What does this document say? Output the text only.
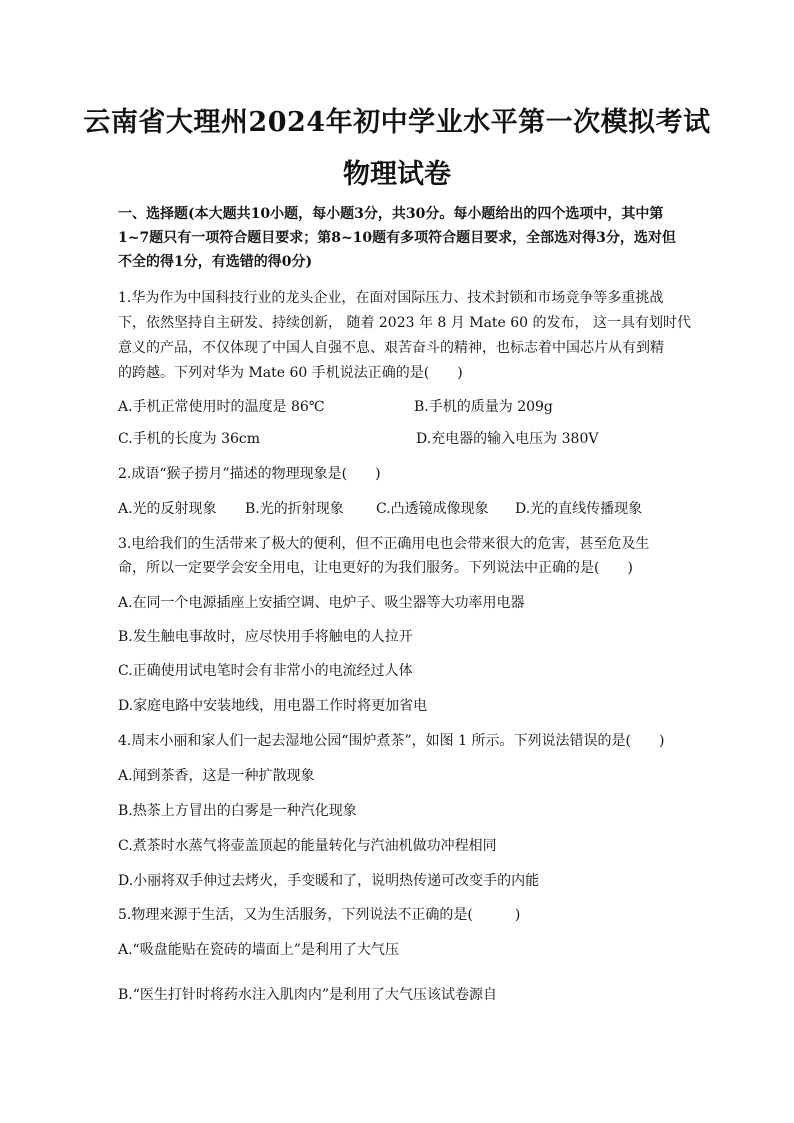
云南省大理州2024年初中学业水平第一次模拟考试
物理试卷
一、选择题(本大题共10小题，每小题3分，共30分。每小题给出的四个选项中，其中第
1~7题只有一项符合题目要求；第8~10题有多项符合题目要求，全部选对得3分，选对但
不全的得1分，有选错的得0分)
1.华为作为中国科技行业的龙头企业，在面对国际压力、技术封锁和市场竞争等多重挑战
下，依然坚持自主研发、持续创新， 随着 2023 年 8 月 Mate 60 的发布， 这一具有划时代
意义的产品，不仅体现了中国人自强不息、艰苦奋斗的精神，也标志着中国芯片从有到精
的跨越。下列对华为 Mate 60 手机说法正确的是(　　)
A.手机正常使用时的温度是 86℃	B.手机的质量为 209g
C.手机的长度为 36cm	D.充电器的输入电压为 380V
2.成语“猴子捞月”描述的物理现象是(　　)
A.光的反射现象 B.光的折射现象 C.凸透镜成像现象 D.光的直线传播现象
3.电给我们的生活带来了极大的便利，但不正确用电也会带来很大的危害，甚至危及生
命，所以一定要学会安全用电，让电更好的为我们服务。下列说法中正确的是(　　)
A.在同一个电源插座上安插空调、电炉子、吸尘器等大功率用电器
B.发生触电事故时，应尽快用手将触电的人拉开
C.正确使用试电笔时会有非常小的电流经过人体
D.家庭电路中安装地线，用电器工作时将更加省电
4.周末小丽和家人们一起去湿地公园“围炉煮茶”，如图 1 所示。下列说法错误的是(　　)
A.闻到茶香，这是一种扩散现象
B.热茶上方冒出的白雾是一种汽化现象
C.煮茶时水蒸气将壶盖顶起的能量转化与汽油机做功冲程相同
D.小丽将双手伸过去烤火，手变暖和了，说明热传递可改变手的内能
5.物理来源于生活，又为生活服务，下列说法不正确的是(　　　)
A.“吸盘能贴在瓷砖的墙面上”是利用了大气压
B.“医生打针时将药水注入肌肉内”是利用了大气压该试卷源自
